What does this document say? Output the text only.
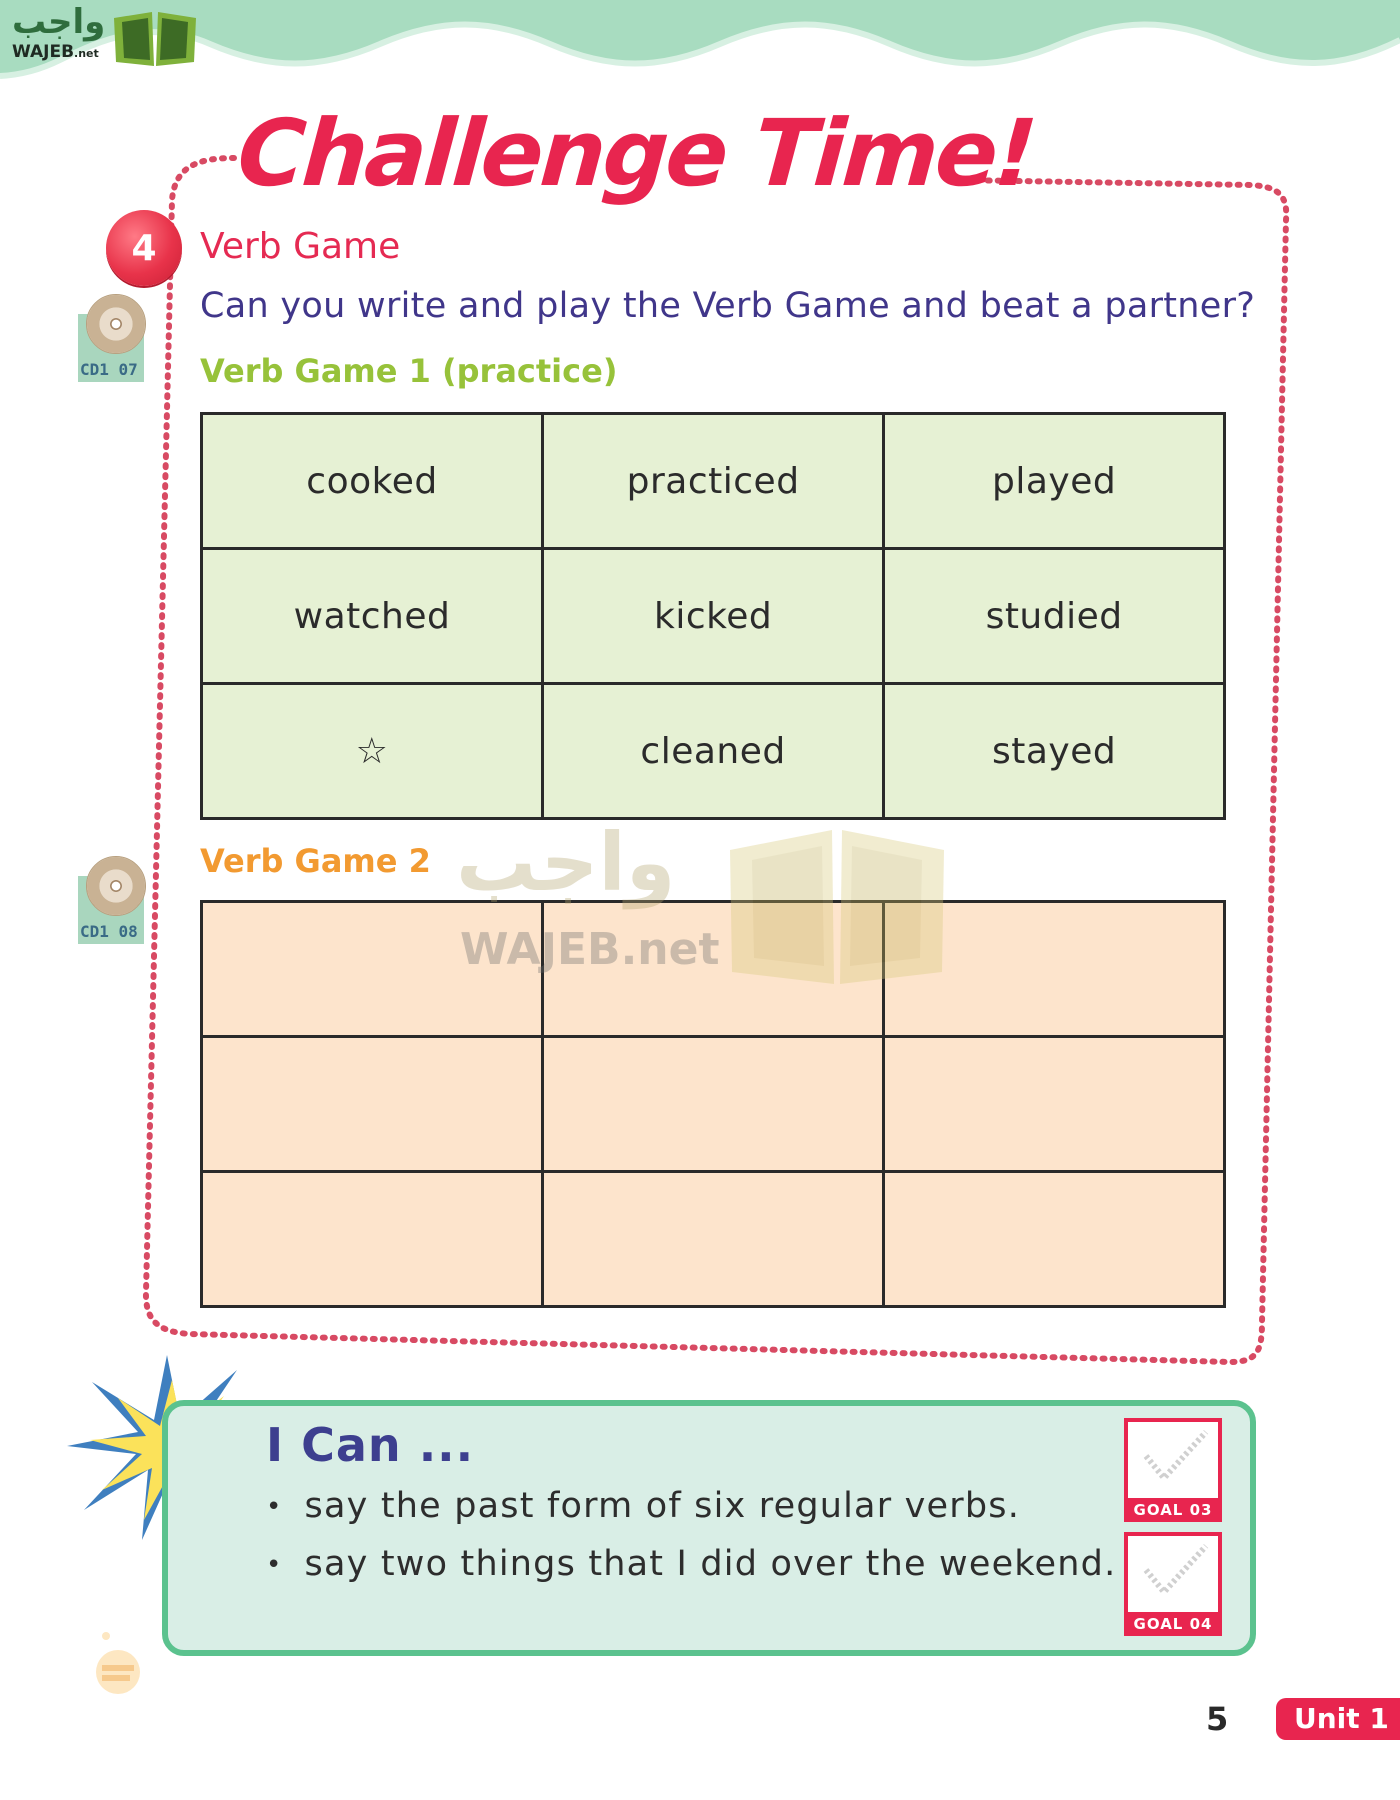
واجب
WAJEB.net
Challenge Time!
4	Verb Game
CD1 07
Can you write and play the Verb Game and beat a partner?
Verb Game 1 (practice)
cooked	practiced	played
watched	kicked	studied
☆	cleaned	stayed
CD1 08
Verb Game 2

		واجب
WAJEB.net
I Can ...
• say the past form of six regular verbs.
• say two things that I did over the weekend.
GOAL 03
GOAL 04
5	Unit 1
